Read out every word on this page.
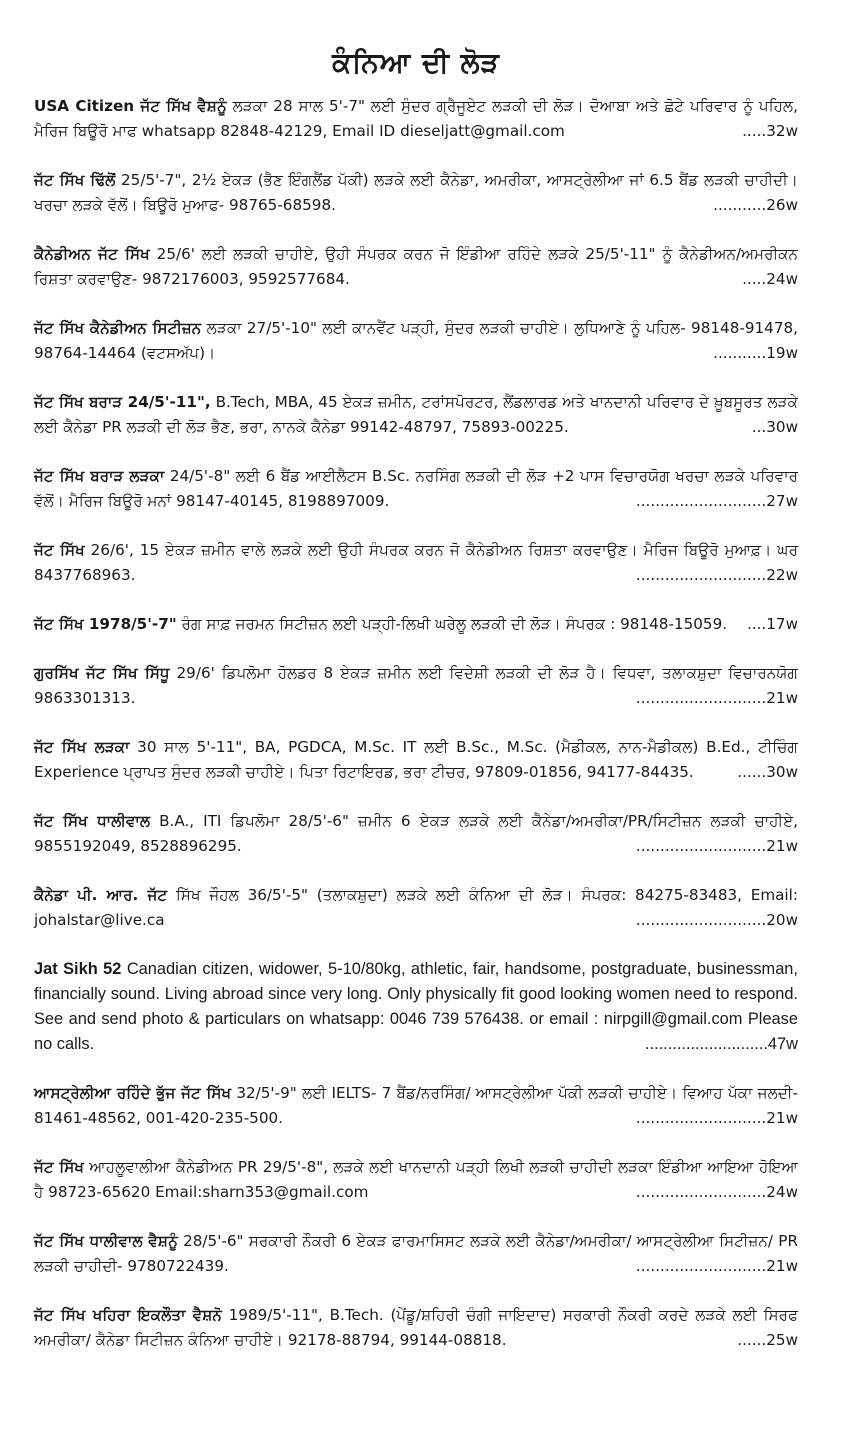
ਕੰਨਿਆ ਦੀ ਲੋੜ
USA Citizen ਜੱਟ ਸਿੱਖ ਵੈਸ਼ਨੂੰ ਲੜਕਾ 28 ਸਾਲ 5'-7" ਲਈ ਸੁੰਦਰ ਗ੍ਰੈਜੂਏਟ ਲੜਕੀ ਦੀ ਲੋੜ। ਦੋਆਬਾ ਅਤੇ ਛੋਟੇ ਪਰਿਵਾਰ ਨੂੰ ਪਹਿਲ, ਮੈਰਿਜ ਬਿਊਰੋ ਮਾਫ whatsapp 82848-42129, Email ID dieseljatt@gmail.com	.....32w
ਜੱਟ ਸਿੱਖ ਢਿੱਲੋਂ 25/5'-7", 2½ ਏਕੜ (ਭੈਣ ਇੰਗਲੈਂਡ ਪੱਕੀ) ਲੜਕੇ ਲਈ ਕੈਨੇਡਾ, ਅਮਰੀਕਾ, ਆਸਟ੍ਰੇਲੀਆ ਜਾਂ 6.5 ਬੈਂਡ ਲੜਕੀ ਚਾਹੀਦੀ। ਖਰਚਾ ਲੜਕੇ ਵੱਲੋਂ। ਬਿਊਰੋ ਮੁਆਫ- 98765-68598.	...........26w
ਕੈਨੇਡੀਅਨ ਜੱਟ ਸਿੱਖ 25/6' ਲਈ ਲੜਕੀ ਚਾਹੀਏ, ਉਹੀ ਸੰਪਰਕ ਕਰਨ ਜੋ ਇੰਡੀਆ ਰਹਿੰਦੇ ਲੜਕੇ 25/5'-11" ਨੂੰ ਕੈਨੇਡੀਅਨ/ਅਮਰੀਕਨ ਰਿਸ਼ਤਾ ਕਰਵਾਉਣ- 9872176003, 9592577684.	.....24w
ਜੱਟ ਸਿੱਖ ਕੈਨੇਡੀਅਨ ਸਿਟੀਜ਼ਨ ਲੜਕਾ 27/5'-10" ਲਈ ਕਾਨਵੈਂਟ ਪੜ੍ਹੀ, ਸੁੰਦਰ ਲੜਕੀ ਚਾਹੀਏ। ਲੁਧਿਆਣੇ ਨੂੰ ਪਹਿਲ- 98148-91478, 98764-14464 (ਵਟਸਅੱਪ)।	...........19w
ਜੱਟ ਸਿੱਖ ਬਰਾੜ 24/5'-11", B.Tech, MBA, 45 ਏਕੜ ਜ਼ਮੀਨ, ਟਰਾਂਸਪੋਰਟਰ, ਲੈਂਡਲਾਰਡ ਅਤੇ ਖਾਨਦਾਨੀ ਪਰਿਵਾਰ ਦੇ ਖ਼ੂਬਸੂਰਤ ਲੜਕੇ ਲਈ ਕੈਨੇਡਾ PR ਲੜਕੀ ਦੀ ਲੋੜ ਭੈਣ, ਭਰਾ, ਨਾਨਕੇ ਕੈਨੇਡਾ 99142-48797, 75893-00225.	...30w
ਜੱਟ ਸਿੱਖ ਬਰਾੜ ਲੜਕਾ 24/5'-8" ਲਈ 6 ਬੈਂਡ ਆਈਲੈਟਸ B.Sc. ਨਰਸਿੰਗ ਲੜਕੀ ਦੀ ਲੋੜ +2 ਪਾਸ ਵਿਚਾਰਯੋਗ ਖਰਚਾ ਲੜਕੇ ਪਰਿਵਾਰ ਵੱਲੋਂ। ਮੈਰਿਜ ਬਿਊਰੋ ਮਨਾਂ 98147-40145, 8198897009.	...........................27w
ਜੱਟ ਸਿੱਖ 26/6', 15 ਏਕੜ ਜ਼ਮੀਨ ਵਾਲੇ ਲੜਕੇ ਲਈ ਉਹੀ ਸੰਪਰਕ ਕਰਨ ਜੋ ਕੈਨੇਡੀਅਨ ਰਿਸ਼ਤਾ ਕਰਵਾਉਣ। ਮੈਰਿਜ ਬਿਊਰੋ ਮੁਆਫ਼। ਘਰ 8437768963.	...........................22w
ਜੱਟ ਸਿੱਖ 1978/5'-7" ਰੰਗ ਸਾਫ਼ ਜਰਮਨ ਸਿਟੀਜ਼ਨ ਲਈ ਪੜ੍ਹੀ-ਲਿਖੀ ਘਰੇਲੂ ਲੜਕੀ ਦੀ ਲੋੜ। ਸੰਪਰਕ : 98148-15059. ....17w
ਗੁਰਸਿੱਖ ਜੱਟ ਸਿੱਖ ਸਿੱਧੂ 29/6' ਡਿਪਲੋਮਾ ਹੋਲਡਰ 8 ਏਕੜ ਜ਼ਮੀਨ ਲਈ ਵਿਦੇਸ਼ੀ ਲੜਕੀ ਦੀ ਲੋੜ ਹੈ। ਵਿਧਵਾ, ਤਲਾਕਸ਼ੁਦਾ ਵਿਚਾਰਨਯੋਗ 9863301313.	...........................21w
ਜੱਟ ਸਿੱਖ ਲੜਕਾ 30 ਸਾਲ 5'-11", BA, PGDCA, M.Sc. IT ਲਈ B.Sc., M.Sc. (ਮੈਡੀਕਲ, ਨਾਨ-ਮੈਡੀਕਲ) B.Ed., ਟੀਚਿੰਗ Experience ਪ੍ਰਾਪਤ ਸੁੰਦਰ ਲੜਕੀ ਚਾਹੀਏ। ਪਿਤਾ ਰਿਟਾਇਰਡ, ਭਰਾ ਟੀਚਰ, 97809-01856, 94177-84435.	......30w
ਜੱਟ ਸਿੱਖ ਧਾਲੀਵਾਲ B.A., ITI ਡਿਪਲੋਮਾ 28/5'-6" ਜ਼ਮੀਨ 6 ਏਕੜ ਲੜਕੇ ਲਈ ਕੈਨੇਡਾ/ਅਮਰੀਕਾ/PR/ਸਿਟੀਜ਼ਨ ਲੜਕੀ ਚਾਹੀਏ, 9855192049, 8528896295.	...........................21w
ਕੈਨੇਡਾ ਪੀ. ਆਰ. ਜੱਟ ਸਿੱਖ ਜੌਹਲ 36/5'-5" (ਤਲਾਕਸ਼ੁਦਾ) ਲੜਕੇ ਲਈ ਕੰਨਿਆ ਦੀ ਲੋੜ। ਸੰਪਰਕ: 84275-83483, Email: johalstar@live.ca	...........................20w
Jat Sikh 52 Canadian citizen, widower, 5-10/80kg, athletic, fair, handsome, postgraduate, businessman, financially sound. Living abroad since very long. Only physically fit good looking women need to respond. See and send photo & particulars on whatsapp: 0046 739 576438. or email : nirpgill@gmail.com Please no calls.	...........................47w
ਆਸਟ੍ਰੇਲੀਆ ਰਹਿੰਦੇ ਭੁੱਜ ਜੱਟ ਸਿੱਖ 32/5'-9" ਲਈ IELTS- 7 ਬੈਂਡ/ਨਰਸਿੰਗ/ ਆਸਟ੍ਰੇਲੀਆ ਪੱਕੀ ਲੜਕੀ ਚਾਹੀਏ। ਵਿਆਹ ਪੱਕਾ ਜਲਦੀ- 81461-48562, 001-420-235-500.	...........................21w
ਜੱਟ ਸਿੱਖ ਆਹਲੂਵਾਲੀਆ ਕੈਨੇਡੀਅਨ PR 29/5'-8", ਲੜਕੇ ਲਈ ਖਾਨਦਾਨੀ ਪੜ੍ਹੀ ਲਿਖੀ ਲੜਕੀ ਚਾਹੀਦੀ ਲੜਕਾ ਇੰਡੀਆ ਆਇਆ ਹੋਇਆ ਹੈ 98723-65620 Email:sharn353@gmail.com	...........................24w
ਜੱਟ ਸਿੱਖ ਧਾਲੀਵਾਲ ਵੈਸ਼ਨੂੰ 28/5'-6" ਸਰਕਾਰੀ ਨੌਕਰੀ 6 ਏਕੜ ਫਾਰਮਾਸਿਸਟ ਲੜਕੇ ਲਈ ਕੈਨੇਡਾ/ਅਮਰੀਕਾ/ ਆਸਟ੍ਰੇਲੀਆ ਸਿਟੀਜ਼ਨ/ PR ਲੜਕੀ ਚਾਹੀਦੀ- 9780722439.	...........................21w
ਜੱਟ ਸਿੱਖ ਖਹਿਰਾ ਇਕਲੌਤਾ ਵੈਸ਼ਨੋ 1989/5'-11", B.Tech. (ਪੇਂਡੂ/ਸ਼ਹਿਰੀ ਚੰਗੀ ਜਾਇਦਾਦ) ਸਰਕਾਰੀ ਨੌਕਰੀ ਕਰਦੇ ਲੜਕੇ ਲਈ ਸਿਰਫ ਅਮਰੀਕਾ/ ਕੈਨੇਡਾ ਸਿਟੀਜ਼ਨ ਕੰਨਿਆ ਚਾਹੀਏ। 92178-88794, 99144-08818.	......25w
